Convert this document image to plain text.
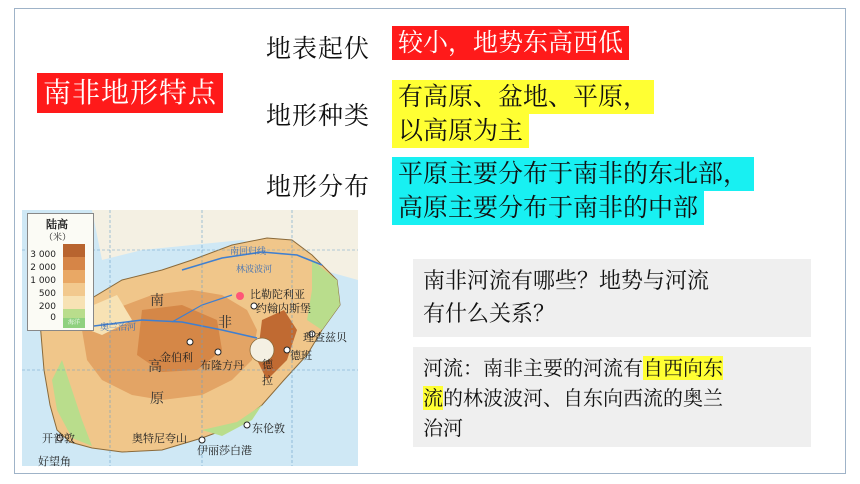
南非地形特点
地表起伏 较小，地势东高西低
地形种类
有高原、盆地、平原，
以高原为主
地形分布 平原主要分布于南非的东北部，
高原主要分布于南非的中部
南非河流有哪些？地势与河流
有什么关系？
河流：南非主要的河流有自西向东
流的林波波河、自东向西流的奥兰
治河
比勒陀利亚
约翰内斯堡
理查兹贝
德班
金伯利
布隆方丹
东伦敦
伊丽莎白港
奥特尼夸山
开普敦
好望角
南
非
高
原
德
拉
林波波河
奥兰治河
南回归线
陆高
（米）
3 000
2 000
1 000
500
200
0	海洋
